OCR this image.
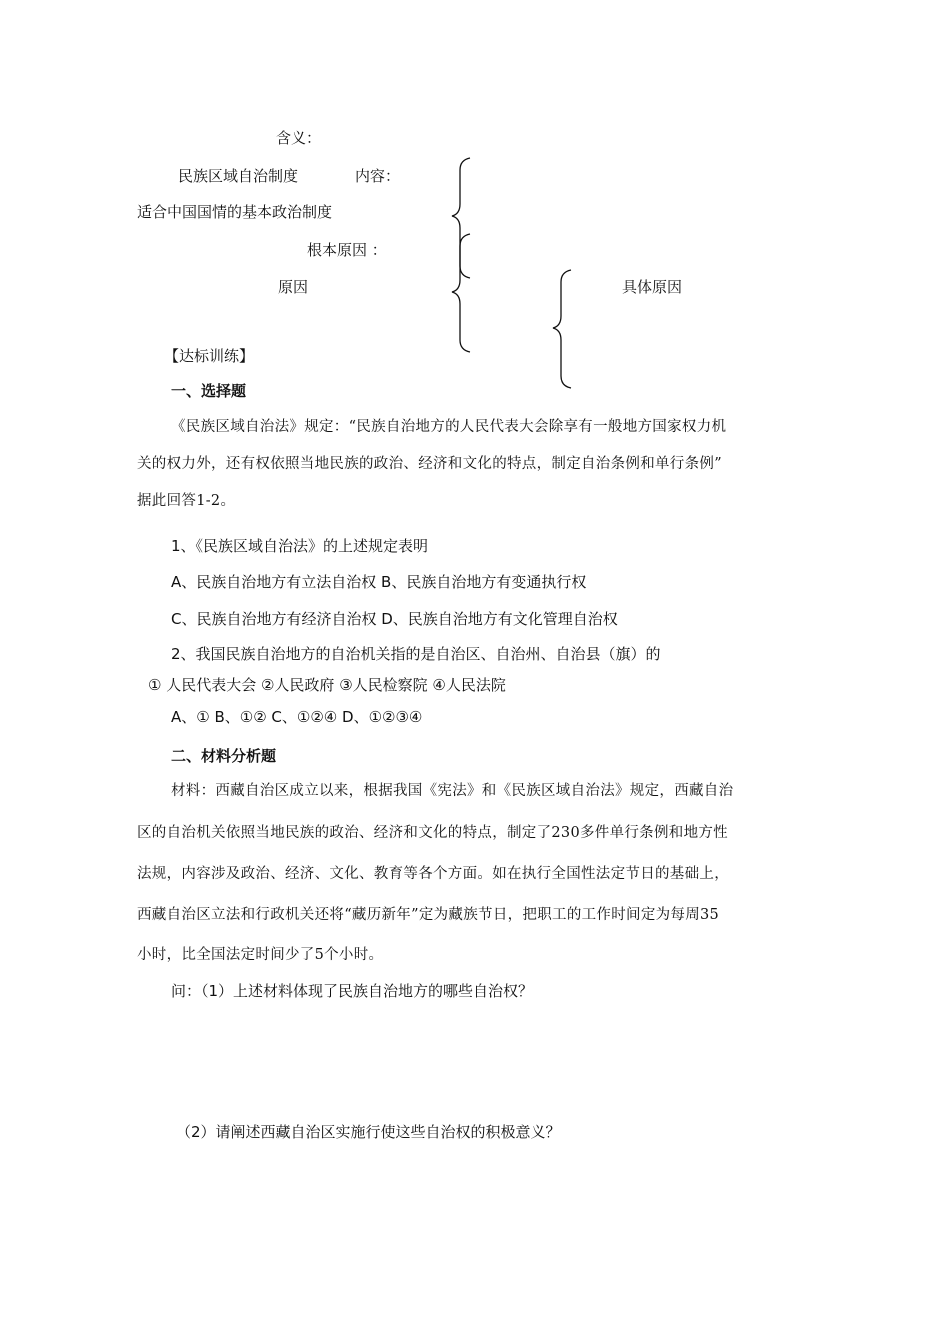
含义：
民族区域自治制度	内容：
适合中国国情的基本政治制度
根本原因 ：
原因	具体原因
【达标训练】
一、选择题
《民族区域自治法》规定：“民族自治地方的人民代表大会除享有一般地方国家权力机
关的权力外，还有权依照当地民族的政治、经济和文化的特点，制定自治条例和单行条例”
据此回答1-2。
1、《民族区域自治法》的上述规定表明
A、民族自治地方有立法自治权 B、民族自治地方有变通执行权
C、民族自治地方有经济自治权 D、民族自治地方有文化管理自治权
2、我国民族自治地方的自治机关指的是自治区、自治州、自治县（旗）的
① 人民代表大会 ②人民政府 ③人民检察院 ④人民法院
A、① B、①② C、①②④ D、①②③④
二、材料分析题
材料：西藏自治区成立以来，根据我国《宪法》和《民族区域自治法》规定，西藏自治
区的自治机关依照当地民族的政治、经济和文化的特点，制定了230多件单行条例和地方性
法规，内容涉及政治、经济、文化、教育等各个方面。如在执行全国性法定节日的基础上，
西藏自治区立法和行政机关还将“藏历新年”定为藏族节日，把职工的工作时间定为每周35
小时，比全国法定时间少了5个小时。
问：（1）上述材料体现了民族自治地方的哪些自治权？
（2）请阐述西藏自治区实施行使这些自治权的积极意义？
